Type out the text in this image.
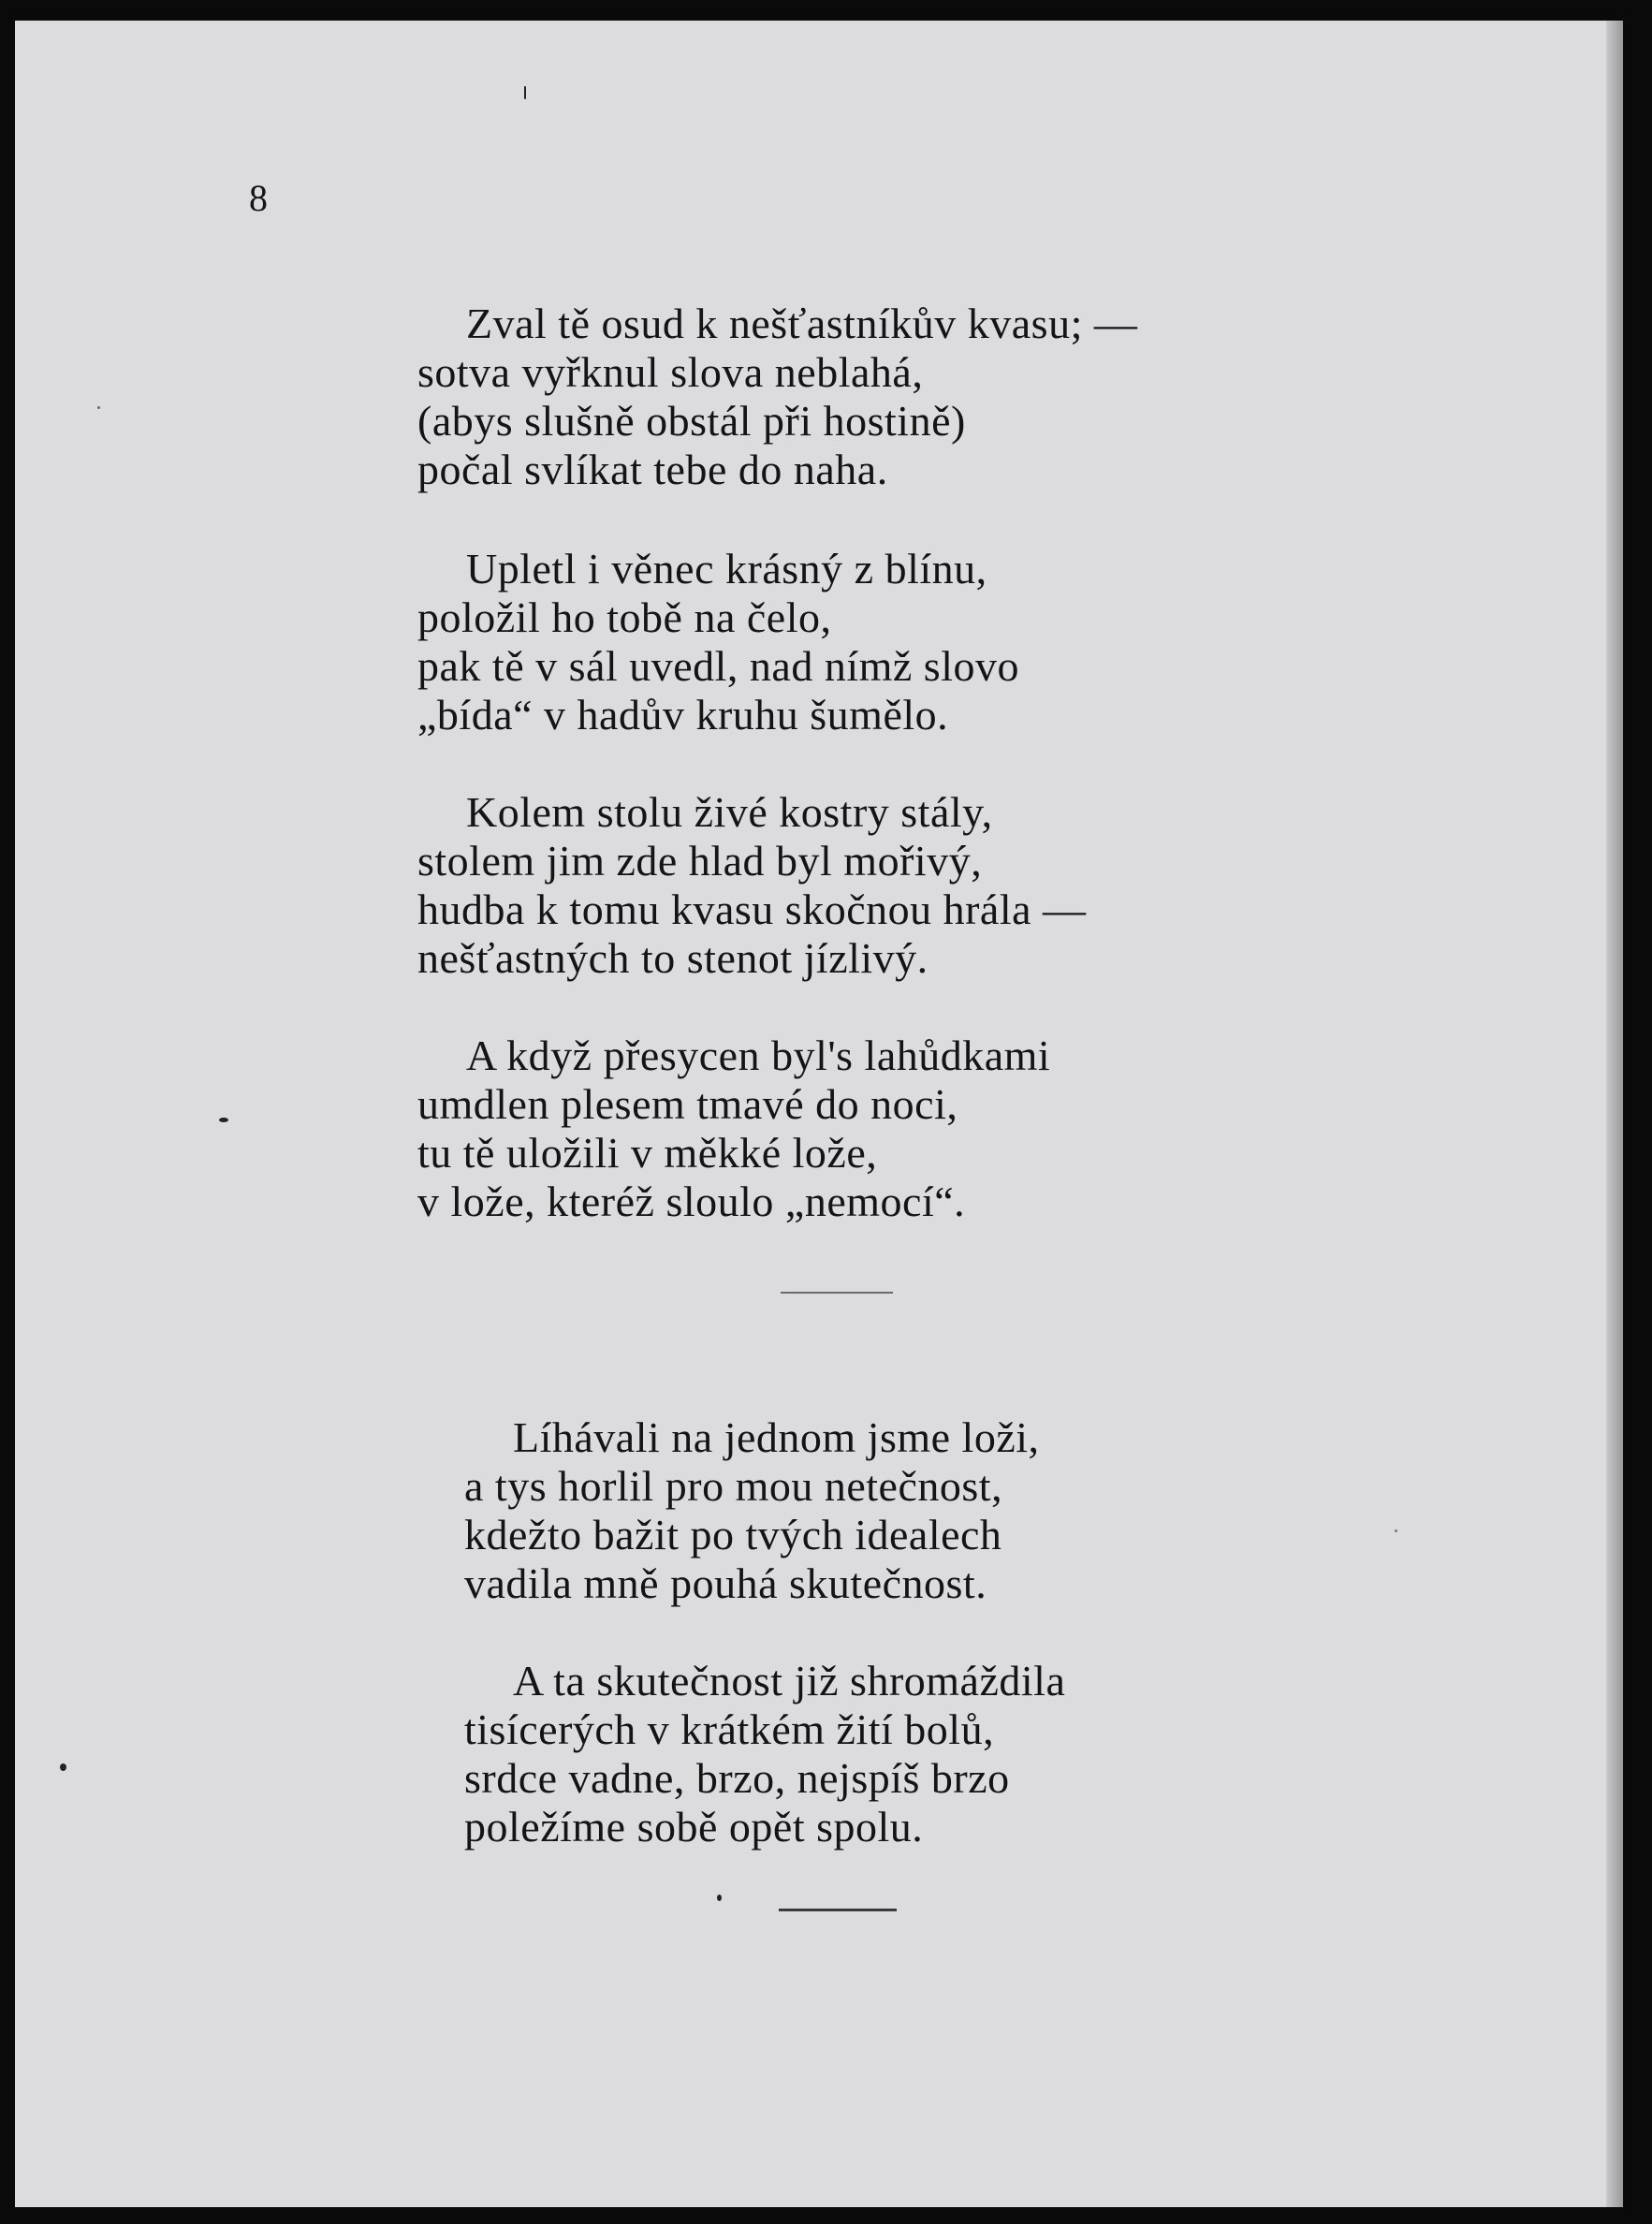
8

Zval tě osud k nešťastníkův kvasu; —
sotva vyřknul slova neblahá,
(abys slušně obstál při hostině)
počal svlíkat tebe do naha.

Upletl i věnec krásný z blínu,
položil ho tobě na čelo,
pak tě v sál uvedl, nad nímž slovo
„bída“ v hadův kruhu šumělo.

Kolem stolu živé kostry stály,
stolem jim zde hlad byl mořivý,
hudba k tomu kvasu skočnou hrála —
nešťastných to stenot jízlivý.

A když přesycen byl's lahůdkami
umdlen plesem tmavé do noci,
tu tě uložili v měkké lože,
v lože, kteréž sloulo „nemocí“.

Líhávali na jednom jsme loži,
a tys horlil pro mou netečnost,
kdežto bažit po tvých idealech
vadila mně pouhá skutečnost.

A ta skutečnost již shromáždila
tisícerých v krátkém žití bolů,
srdce vadne, brzo, nejspíš brzo
poležíme sobě opět spolu.
